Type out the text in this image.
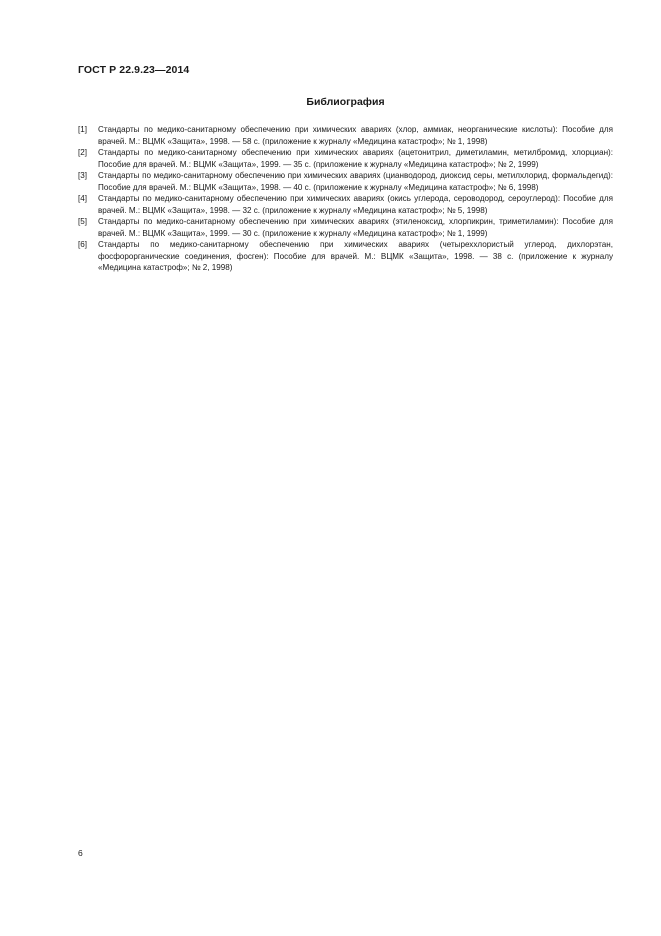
ГОСТ Р 22.9.23—2014
Библиография
[1]	Стандарты по медико-санитарному обеспечению при химических авариях (хлор, аммиак, неорганические кислоты): Пособие для врачей. М.: ВЦМК «Защита», 1998. — 58 с. (приложение к журналу «Медицина катастроф»; № 1, 1998)
[2]	Стандарты по медико-санитарному обеспечению при химических авариях (ацетонитрил, диметиламин, метилбромид, хлорциан): Пособие для врачей. М.: ВЦМК «Защита», 1999. — 35 с. (приложение к журналу «Медицина катастроф»; № 2, 1999)
[3]	Стандарты по медико-санитарному обеспечению при химических авариях (цианводород, диоксид серы, метилхлорид, формальдегид): Пособие для врачей. М.: ВЦМК «Защита», 1998. — 40 с. (приложение к журналу «Медицина катастроф»; № 6, 1998)
[4]	Стандарты по медико-санитарному обеспечению при химических авариях (окись углерода, сероводород, сероуглерод): Пособие для врачей. М.: ВЦМК «Защита», 1998. — 32 с. (приложение к журналу «Медицина катастроф»; № 5, 1998)
[5]	Стандарты по медико-санитарному обеспечению при химических авариях (этиленоксид, хлорпикрин, триметиламин): Пособие для врачей. М.: ВЦМК «Защита», 1999. — 30 с. (приложение к журналу «Медицина катастроф»; № 1, 1999)
[6]	Стандарты по медико-санитарному обеспечению при химических авариях (четыреххлористый углерод, дихлорэтан, фосфорорганические соединения, фосген): Пособие для врачей. М.: ВЦМК «Защита», 1998. — 38 с. (приложение к журналу «Медицина катастроф»; № 2, 1998)
6
